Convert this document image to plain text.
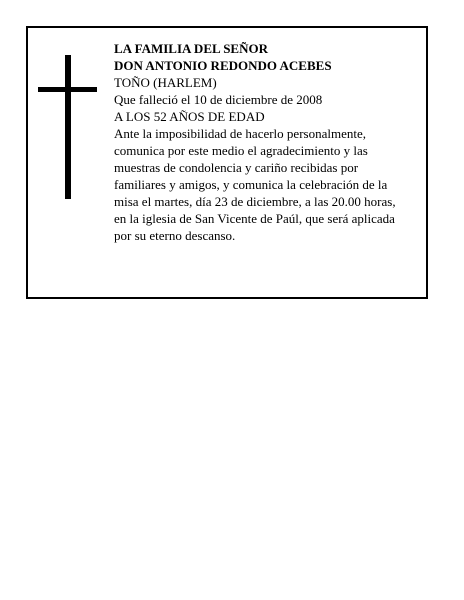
LA FAMILIA DEL SEÑOR
DON ANTONIO REDONDO ACEBES
TOÑO (HARLEM)
Que falleció el 10 de diciembre de 2008
A LOS 52 AÑOS DE EDAD
Ante la imposibilidad de hacerlo personalmente,
comunica por este medio el agradecimiento y las
muestras de condolencia y cariño recibidas por
familiares y amigos, y comunica la celebración de la
misa el martes, día 23 de diciembre, a las 20.00 horas,
en la iglesia de San Vicente de Paúl, que será aplicada
por su eterno descanso.
